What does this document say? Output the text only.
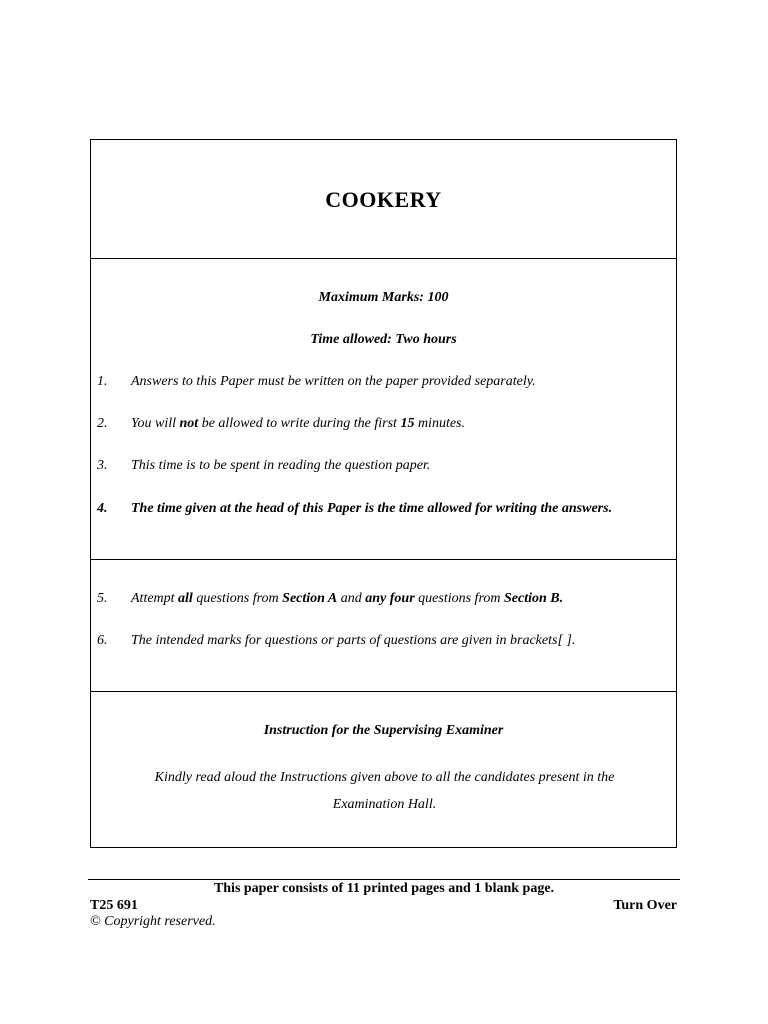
COOKERY
Maximum Marks: 100
Time allowed: Two hours
1. Answers to this Paper must be written on the paper provided separately.
2. You will not be allowed to write during the first 15 minutes.
3. This time is to be spent in reading the question paper.
4. The time given at the head of this Paper is the time allowed for writing the answers.
5. Attempt all questions from Section A and any four questions from Section B.
6. The intended marks for questions or parts of questions are given in brackets[ ].
Instruction for the Supervising Examiner
Kindly read aloud the Instructions given above to all the candidates present in the Examination Hall.
This paper consists of 11 printed pages and 1 blank page.
T25 691	Turn Over
© Copyright reserved.
